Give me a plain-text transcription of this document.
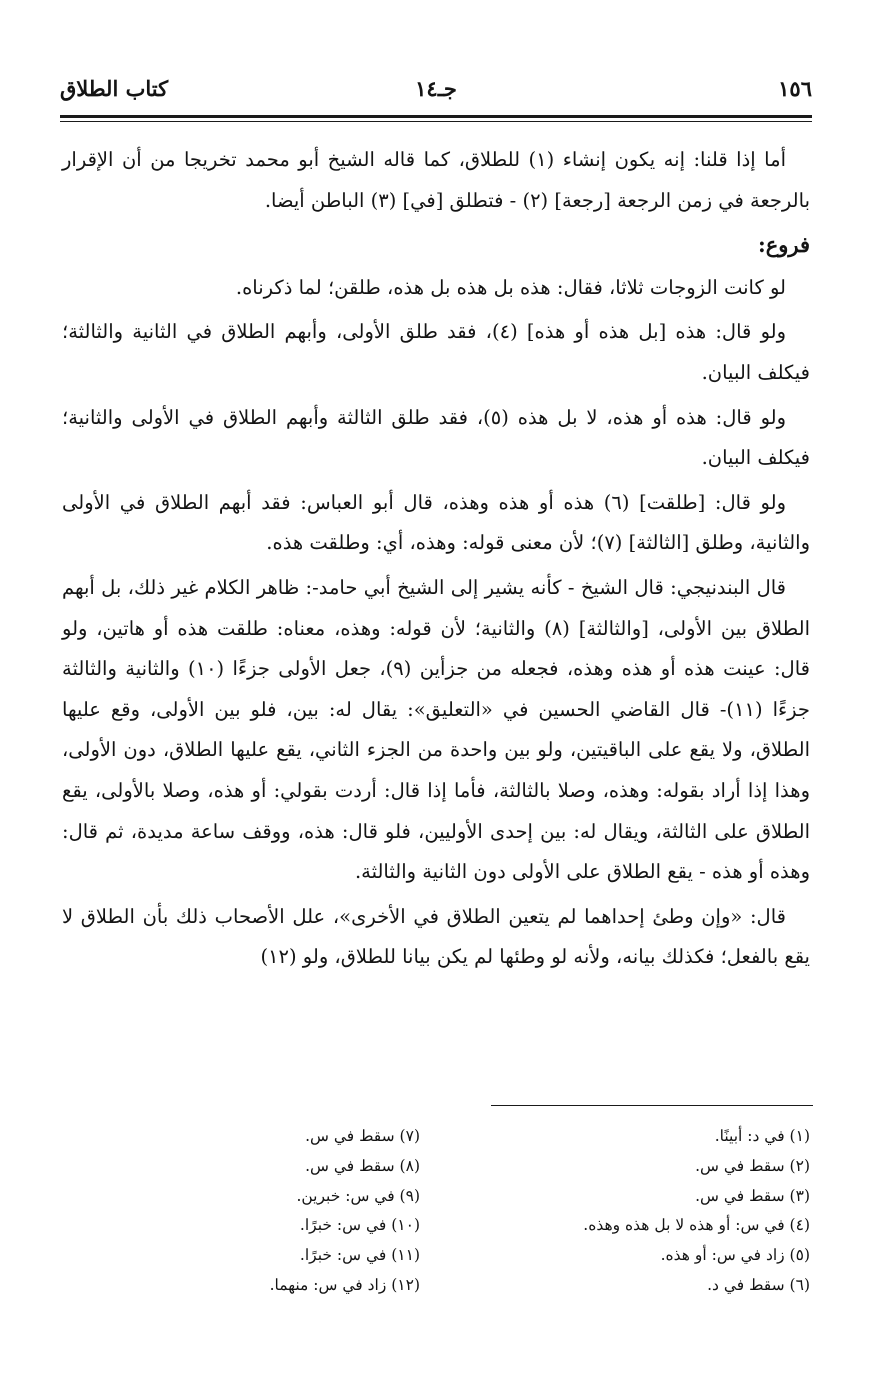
١٥٦
جـ١٤
كتاب الطلاق

أما إذا قلنا: إنه يكون إنشاء (١) للطلاق، كما قاله الشيخ أبو محمد تخريجا من أن الإقرار بالرجعة في زمن الرجعة [رجعة] (٢) - فتطلق [في] (٣) الباطن أيضا.

فروع:

لو كانت الزوجات ثلاثا، فقال: هذه بل هذه بل هذه، طلقن؛ لما ذكرناه.

ولو قال: هذه [بل هذه أو هذه] (٤)، فقد طلق الأولى، وأبهم الطلاق في الثانية والثالثة؛ فيكلف البيان.

ولو قال: هذه أو هذه، لا بل هذه (٥)، فقد طلق الثالثة وأبهم الطلاق في الأولى والثانية؛ فيكلف البيان.

ولو قال: [طلقت] (٦) هذه أو هذه وهذه، قال أبو العباس: فقد أبهم الطلاق في الأولى والثانية، وطلق [الثالثة] (٧)؛ لأن معنى قوله: وهذه، أي: وطلقت هذه.

قال البندنيجي: قال الشيخ - كأنه يشير إلى الشيخ أبي حامد-: ظاهر الكلام غير ذلك، بل أبهم الطلاق بين الأولى، [والثالثة] (٨) والثانية؛ لأن قوله: وهذه، معناه: طلقت هذه أو هاتين، ولو قال: عينت هذه أو هذه وهذه، فجعله من جزأين (٩)، جعل الأولى جزءًا (١٠) والثانية والثالثة جزءًا (١١)- قال القاضي الحسين في «التعليق»: يقال له: بين، فلو بين الأولى، وقع عليها الطلاق، ولا يقع على الباقيتين، ولو بين واحدة من الجزء الثاني، يقع عليها الطلاق، دون الأولى، وهذا إذا أراد بقوله: وهذه، وصلا بالثالثة، فأما إذا قال: أردت بقولي: أو هذه، وصلا بالأولى، يقع الطلاق على الثالثة، ويقال له: بين إحدى الأوليين، فلو قال: هذه، ووقف ساعة مديدة، ثم قال: وهذه أو هذه - يقع الطلاق على الأولى دون الثانية والثالثة.

قال: «وإن وطئ إحداهما لم يتعين الطلاق في الأخرى»، علل الأصحاب ذلك بأن الطلاق لا يقع بالفعل؛ فكذلك بيانه، ولأنه لو وطئها لم يكن بيانا للطلاق، ولو (١٢)

(١) في د: أبينًا.
(٢) سقط في س.
(٣) سقط في س.
(٤) في س: أو هذه لا بل هذه وهذه.
(٥) زاد في س: أو هذه.
(٦) سقط في د.
(٧) سقط في س.
(٨) سقط في س.
(٩) في س: خبرين.
(١٠) في س: خبرًا.
(١١) في س: خبرًا.
(١٢) زاد في س: منهما.
